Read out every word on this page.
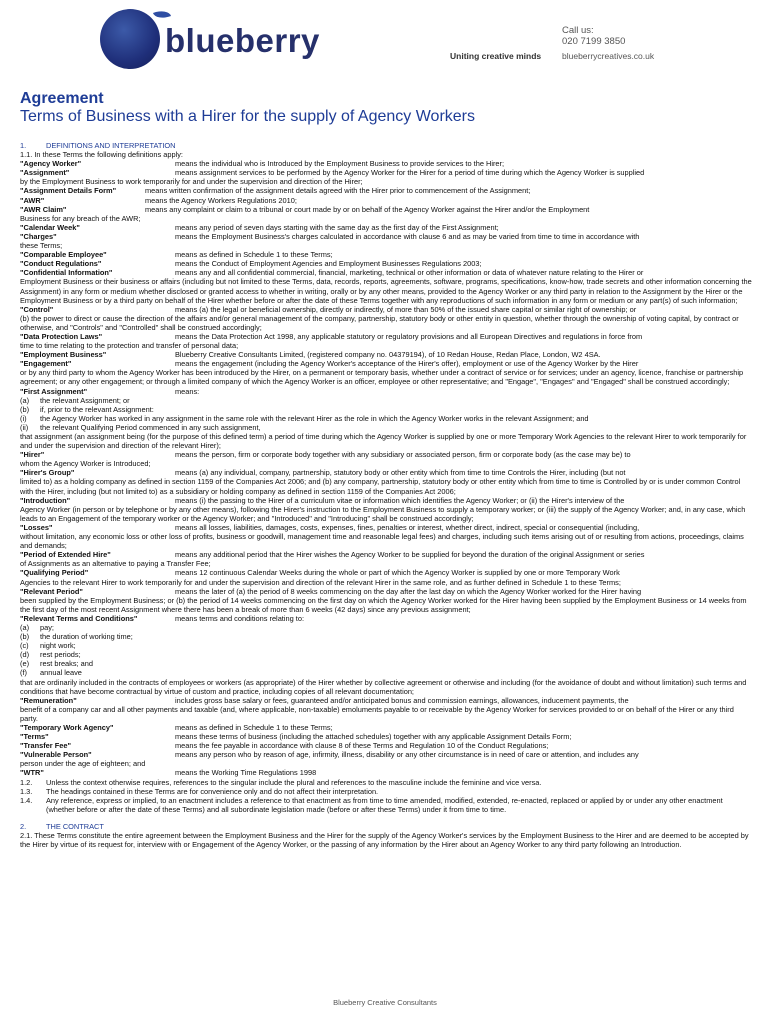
blueberry	Uniting creative minds
Call us:
020 7199 3850
blueberrycreatives.co.uk
Agreement
Terms of Business with a Hirer for the supply of Agency Workers

1.	DEFINITIONS AND INTERPRETATION

1.1. In these Terms the following definitions apply:

"Agency Worker"	means the individual who is Introduced by the Employment Business to provide services to the Hirer;
"Assignment"	means assignment services to be performed by the Agency Worker for the Hirer for a period of time during which the Agency Worker is supplied

by the Employment Business to work temporarily for and under the supervision and direction of the Hirer;

"Assignment Details Form"	means written confirmation of the assignment details agreed with the Hirer prior to commencement of the Assignment;
"AWR"	means the Agency Workers Regulations 2010;
"AWR Claim"	means any complaint or claim to a tribunal or court made by or on behalf of the Agency Worker against the Hirer and/or the Employment

Business for any breach of the AWR;

"Calendar Week"	means any period of seven days starting with the same day as the first day of the First Assignment;
"Charges"	means the Employment Business's charges calculated in accordance with clause 6 and as may be varied from time to time in accordance with

these Terms;

"Comparable Employee"	means as defined in Schedule 1 to these Terms;
"Conduct Regulations"	means the Conduct of Employment Agencies and Employment Businesses Regulations 2003;
"Confidential Information"	means any and all confidential commercial, financial, marketing, technical or other information or data of whatever nature relating to the Hirer or

Employment Business or their business or affairs (including but not limited to these Terms, data, records, reports, agreements, software, programs, specifications, know-how, trade secrets and other information concerning the Assignment) in any form or medium whether disclosed or granted access to whether in writing, orally or by any other means, provided to the Agency Worker or any third party in relation to the Assignment by the Hirer or the Employment Business or by a third party on behalf of the Hirer whether before or after the date of these Terms together with any reproductions of such information in any form or medium or any part(s) of such information;

"Control"	means (a) the legal or beneficial ownership, directly or indirectly, of more than 50% of the issued share capital or similar right of ownership; or

(b) the power to direct or cause the direction of the affairs and/or general management of the company, partnership, statutory body or other entity in question, whether through the ownership of voting capital, by contract or otherwise, and "Controls" and "Controlled" shall be construed accordingly;

"Data Protection Laws"	means the Data Protection Act 1998, any applicable statutory or regulatory provisions and all European Directives and regulations in force from

time to time relating to the protection and transfer of personal data;

"Employment Business"	Blueberry Creative Consultants Limited, (registered company no. 04379194), of 10 Redan House, Redan Place, London, W2 4SA.
"Engagement"	means the engagement (including the Agency Worker's acceptance of the Hirer's offer), employment or use of the Agency Worker by the Hirer

or by any third party to whom the Agency Worker has been introduced by the Hirer, on a permanent or temporary basis, whether under a contract of service or for services; under an agency, licence, franchise or partnership agreement; or any other engagement; or through a limited company of which the Agency Worker is an officer, employee or other representative; and "Engage", "Engages" and "Engaged" shall be construed accordingly;

"First Assignment"	means:
(a)	the relevant Assignment; or
(b)	if, prior to the relevant Assignment:
(i)	the Agency Worker has worked in any assignment in the same role with the relevant Hirer as the role in which the Agency Worker works in the relevant Assignment; and
(ii)	the relevant Qualifying Period commenced in any such assignment,

that assignment (an assignment being (for the purpose of this defined term) a period of time during which the Agency Worker is supplied by one or more Temporary Work Agencies to the relevant Hirer to work temporarily for and under the supervision and direction of the relevant Hirer);

"Hirer"	means the person, firm or corporate body together with any subsidiary or associated person, firm or corporate body (as the case may be) to

whom the Agency Worker is Introduced;

"Hirer's Group"	means (a) any individual, company, partnership, statutory body or other entity which from time to time Controls the Hirer, including (but not

limited to) as a holding company as defined in section 1159 of the Companies Act 2006; and (b) any company, partnership, statutory body or other entity which from time to time is Controlled by or is under common Control with the Hirer, including (but not limited to) as a subsidiary or holding company as defined in section 1159 of the Companies Act 2006;

"Introduction"	means (i) the passing to the Hirer of a curriculum vitae or information which identifies the Agency Worker; or (ii) the Hirer's interview of the

Agency Worker (in person or by telephone or by any other means), following the Hirer's instruction to the Employment Business to supply a temporary worker; or (iii) the supply of the Agency Worker; and, in any case, which leads to an Engagement of the temporary worker or the Agency Worker; and "Introduced" and "Introducing" shall be construed accordingly;

"Losses"	means all losses, liabilities, damages, costs, expenses, fines, penalties or interest, whether direct, indirect, special or consequential (including,

without limitation, any economic loss or other loss of profits, business or goodwill, management time and reasonable legal fees) and charges, including such items arising out of or resulting from actions, proceedings, claims and demands;

"Period of Extended Hire"	means any additional period that the Hirer wishes the Agency Worker to be supplied for beyond the duration of the original Assignment or series

of Assignments as an alternative to paying a Transfer Fee;

"Qualifying Period"	means 12 continuous Calendar Weeks during the whole or part of which the Agency Worker is supplied by one or more Temporary Work

Agencies to the relevant Hirer to work temporarily for and under the supervision and direction of the relevant Hirer in the same role, and as further defined in Schedule 1 to these Terms;

"Relevant Period"	means the later of (a) the period of 8 weeks commencing on the day after the last day on which the Agency Worker worked for the Hirer having

been supplied by the Employment Business; or (b) the period of 14 weeks commencing on the first day on which the Agency Worker worked for the Hirer having been supplied by the Employment Business or 14 weeks from the first day of the most recent Assignment where there has been a break of more than 6 weeks (42 days) since any previous assignment;

"Relevant Terms and Conditions"	means terms and conditions relating to:
(a)	pay;
(b)	the duration of working time;
(c)	night work;
(d)	rest periods;
(e)	rest breaks; and
(f)	annual leave

that are ordinarily included in the contracts of employees or workers (as appropriate) of the Hirer whether by collective agreement or otherwise and including (for the avoidance of doubt and without limitation) such terms and conditions that have become contractual by virtue of custom and practice, including copies of all relevant documentation;

"Remuneration"	includes gross base salary or fees, guaranteed and/or anticipated bonus and commission earnings, allowances, inducement payments, the

benefit of a company car and all other payments and taxable (and, where applicable, non-taxable) emoluments payable to or receivable by the Agency Worker for services provided to or on behalf of the Hirer or any third party.

"Temporary Work Agency"	means as defined in Schedule 1 to these Terms;
"Terms"	means these terms of business (including the attached schedules) together with any applicable Assignment Details Form;
"Transfer Fee"	means the fee payable in accordance with clause 8 of these Terms and Regulation 10 of the Conduct Regulations;
"Vulnerable Person"	means any person who by reason of age, infirmity, illness, disability or any other circumstance is in need of care or attention, and includes any

person under the age of eighteen; and

"WTR"	means the Working Time Regulations 1998
1.2.	Unless the context otherwise requires, references to the singular include the plural and references to the masculine include the feminine and vice versa.
1.3.	The headings contained in these Terms are for convenience only and do not affect their interpretation.
1.4.	Any reference, express or implied, to an enactment includes a reference to that enactment as from time to time amended, modified, extended, re-enacted, replaced or applied by or under any other enactment (whether before or after the date of these Terms) and all subordinate legislation made (before or after these Terms) under it from time to time.

2.	THE CONTRACT

2.1. These Terms constitute the entire agreement between the Employment Business and the Hirer for the supply of the Agency Worker's services by the Employment Business to the Hirer and are deemed to be accepted by the Hirer by virtue of its request for, interview with or Engagement of the Agency Worker, or the passing of any information by the Hirer about an Agency Worker to any third party following an Introduction.

Blueberry Creative Consultants
